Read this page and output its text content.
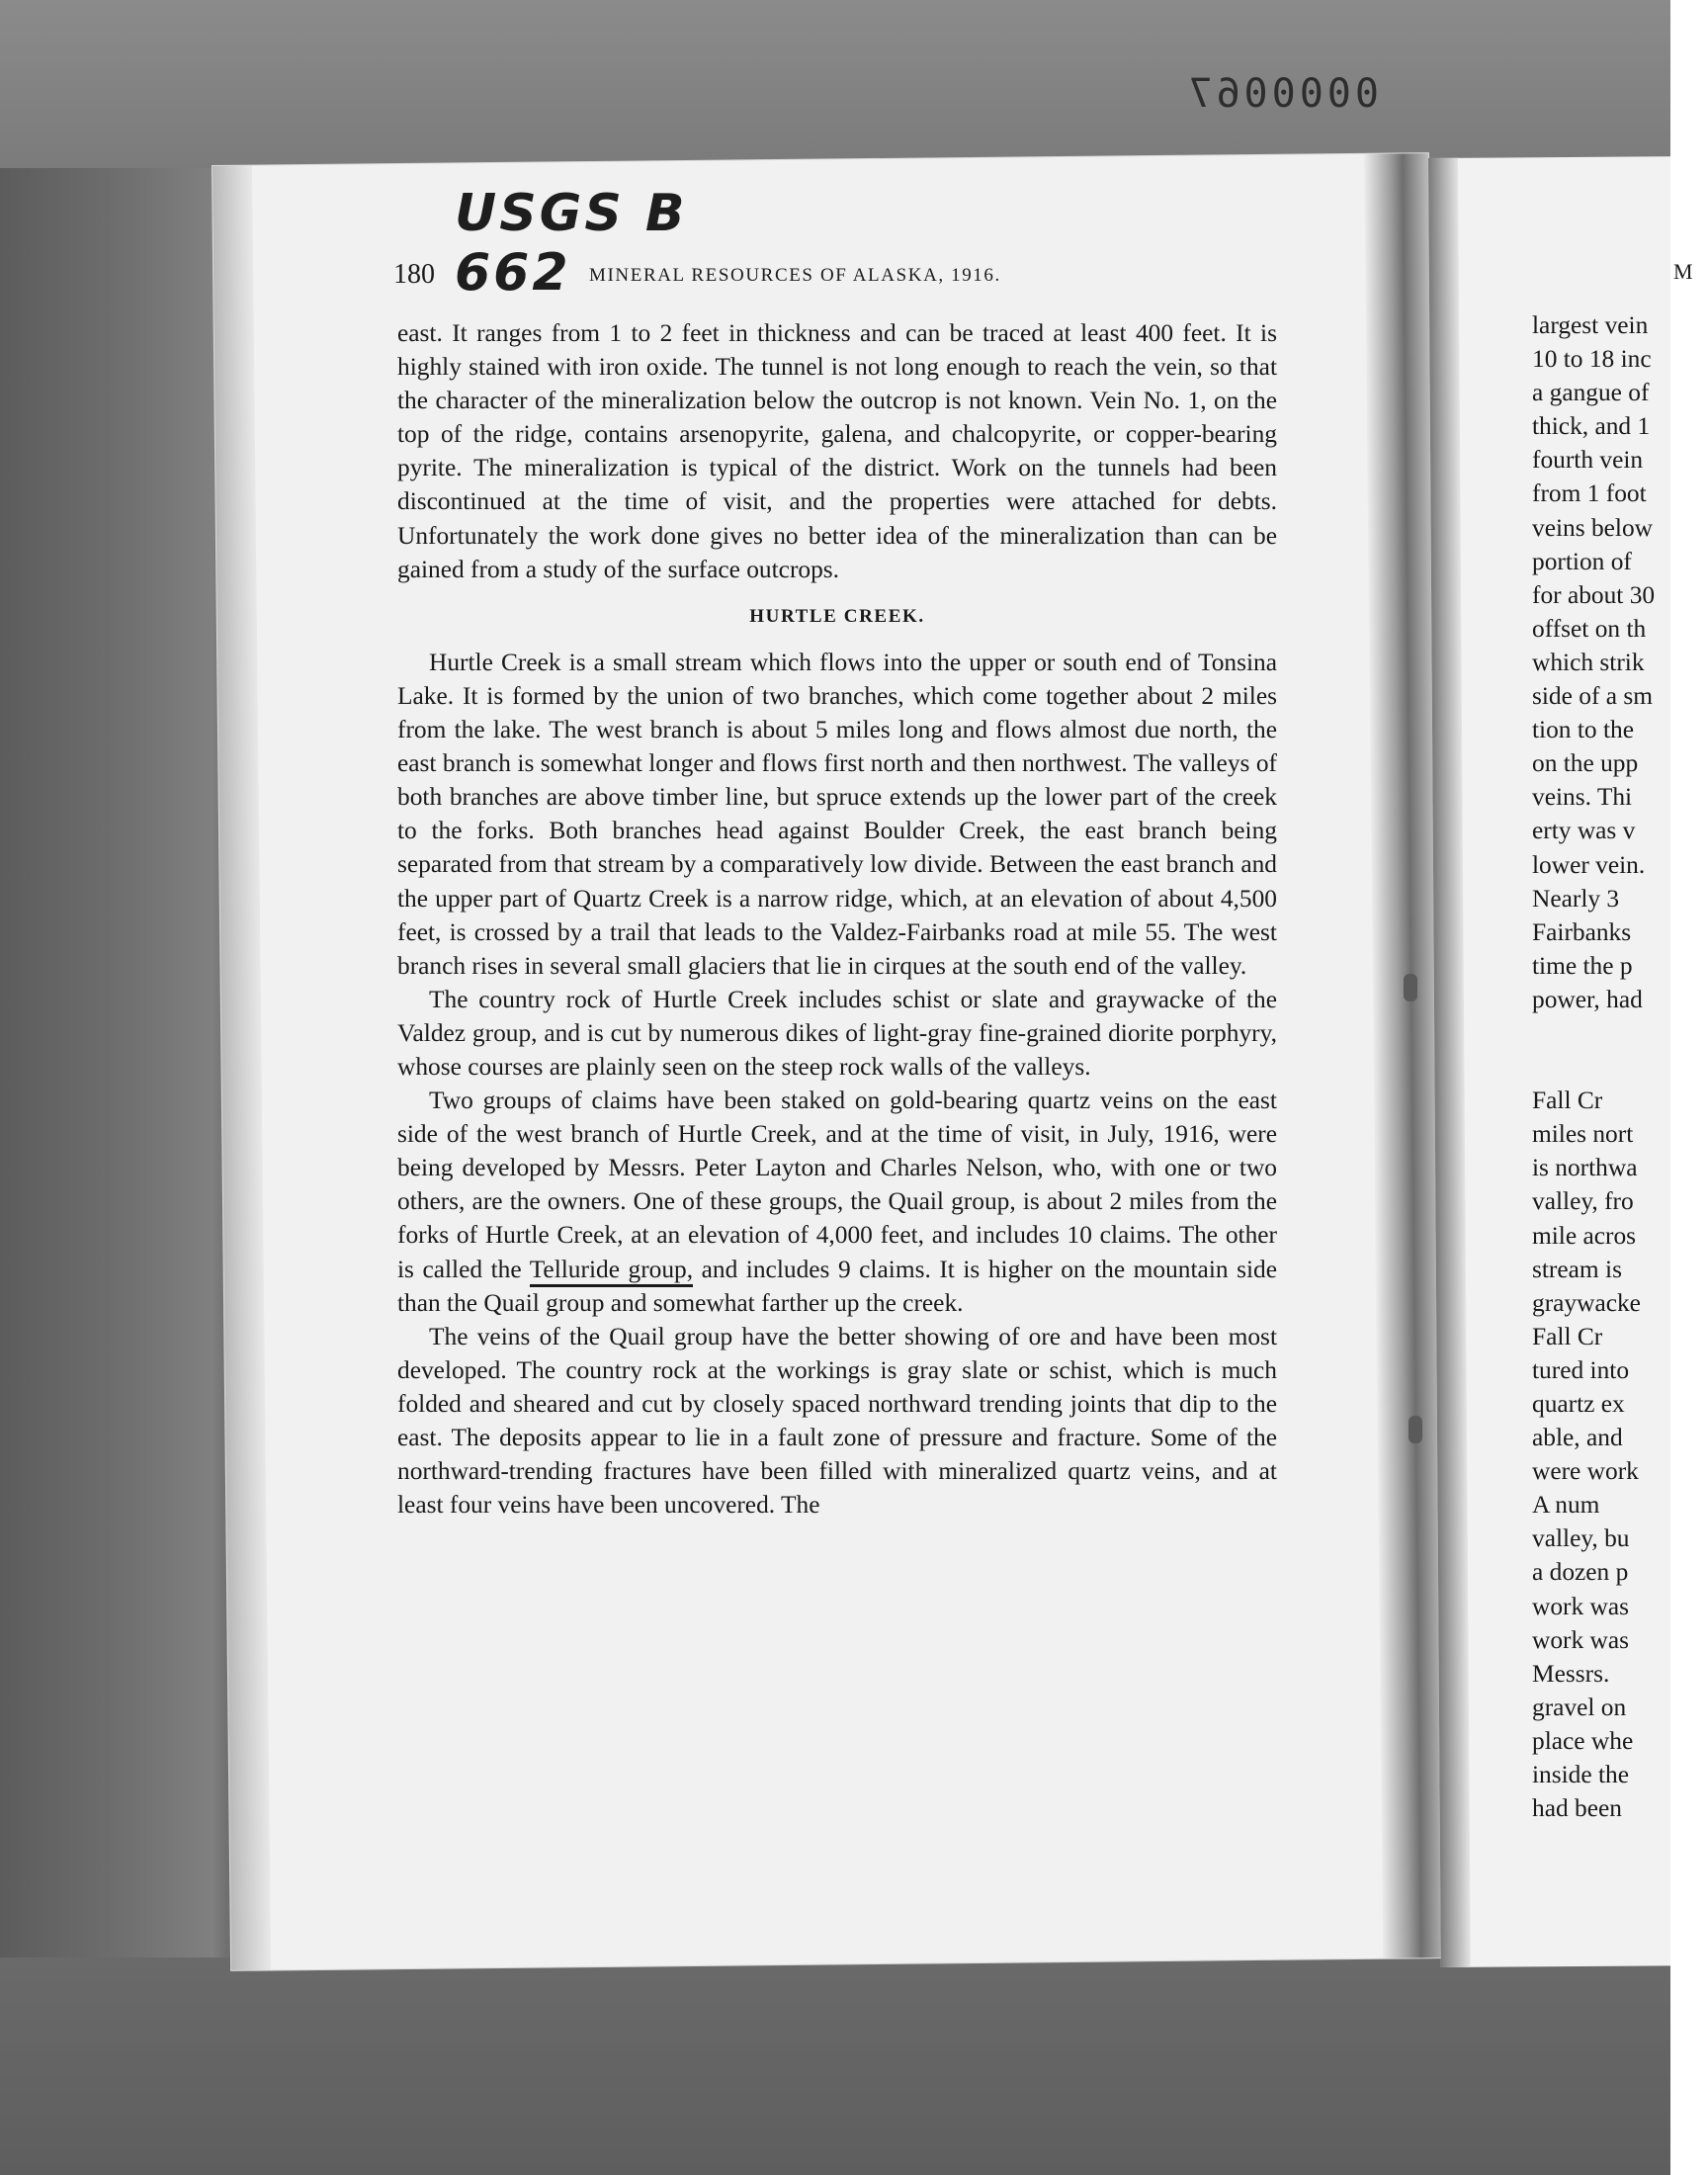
0000067
USGS B 662
180	MINERAL RESOURCES OF ALASKA, 1916.

east. It ranges from 1 to 2 feet in thickness and can be traced at least 400 feet. It is highly stained with iron oxide. The tunnel is not long enough to reach the vein, so that the character of the mineralization below the outcrop is not known. Vein No. 1, on the top of the ridge, contains arsenopyrite, galena, and chalcopyrite, or copper-bearing pyrite. The mineralization is typical of the district. Work on the tunnels had been discontinued at the time of visit, and the properties were attached for debts. Unfortunately the work done gives no better idea of the mineralization than can be gained from a study of the surface outcrops.

HURTLE CREEK.

Hurtle Creek is a small stream which flows into the upper or south end of Tonsina Lake. It is formed by the union of two branches, which come together about 2 miles from the lake. The west branch is about 5 miles long and flows almost due north, the east branch is somewhat longer and flows first north and then northwest. The valleys of both branches are above timber line, but spruce extends up the lower part of the creek to the forks. Both branches head against Boulder Creek, the east branch being separated from that stream by a comparatively low divide. Between the east branch and the upper part of Quartz Creek is a narrow ridge, which, at an elevation of about 4,500 feet, is crossed by a trail that leads to the Valdez-Fairbanks road at mile 55. The west branch rises in several small glaciers that lie in cirques at the south end of the valley.

The country rock of Hurtle Creek includes schist or slate and graywacke of the Valdez group, and is cut by numerous dikes of light-gray fine-grained diorite porphyry, whose courses are plainly seen on the steep rock walls of the valleys.

Two groups of claims have been staked on gold-bearing quartz veins on the east side of the west branch of Hurtle Creek, and at the time of visit, in July, 1916, were being developed by Messrs. Peter Layton and Charles Nelson, who, with one or two others, are the owners. One of these groups, the Quail group, is about 2 miles from the forks of Hurtle Creek, at an elevation of 4,000 feet, and includes 10 claims. The other is called the Telluride group, and includes 9 claims. It is higher on the mountain side than the Quail group and somewhat farther up the creek.

The veins of the Quail group have the better showing of ore and have been most developed. The country rock at the workings is gray slate or schist, which is much folded and sheared and cut by closely spaced northward trending joints that dip to the east. The deposits appear to lie in a fault zone of pressure and fracture. Some of the northward-trending fractures have been filled with mineralized quartz veins, and at least four veins have been uncovered. The

M
largest vein
10 to 18 inc
a gangue of
thick, and 1
fourth vein
from 1 foot
veins below
portion of
for about 30
offset on th
which strik
side of a sm
tion to the
on the upp
veins. Thi
erty was v
lower vein.
Nearly 3
Fairbanks
time the p
power, had
Fall Cr
miles nort
is northwa
valley, fro
mile acros
stream is
graywacke
Fall Cr
tured into
quartz ex
able, and
were work
A num
valley, bu
a dozen p
work was
work was
Messrs.
gravel on
place whe
inside the
had been
